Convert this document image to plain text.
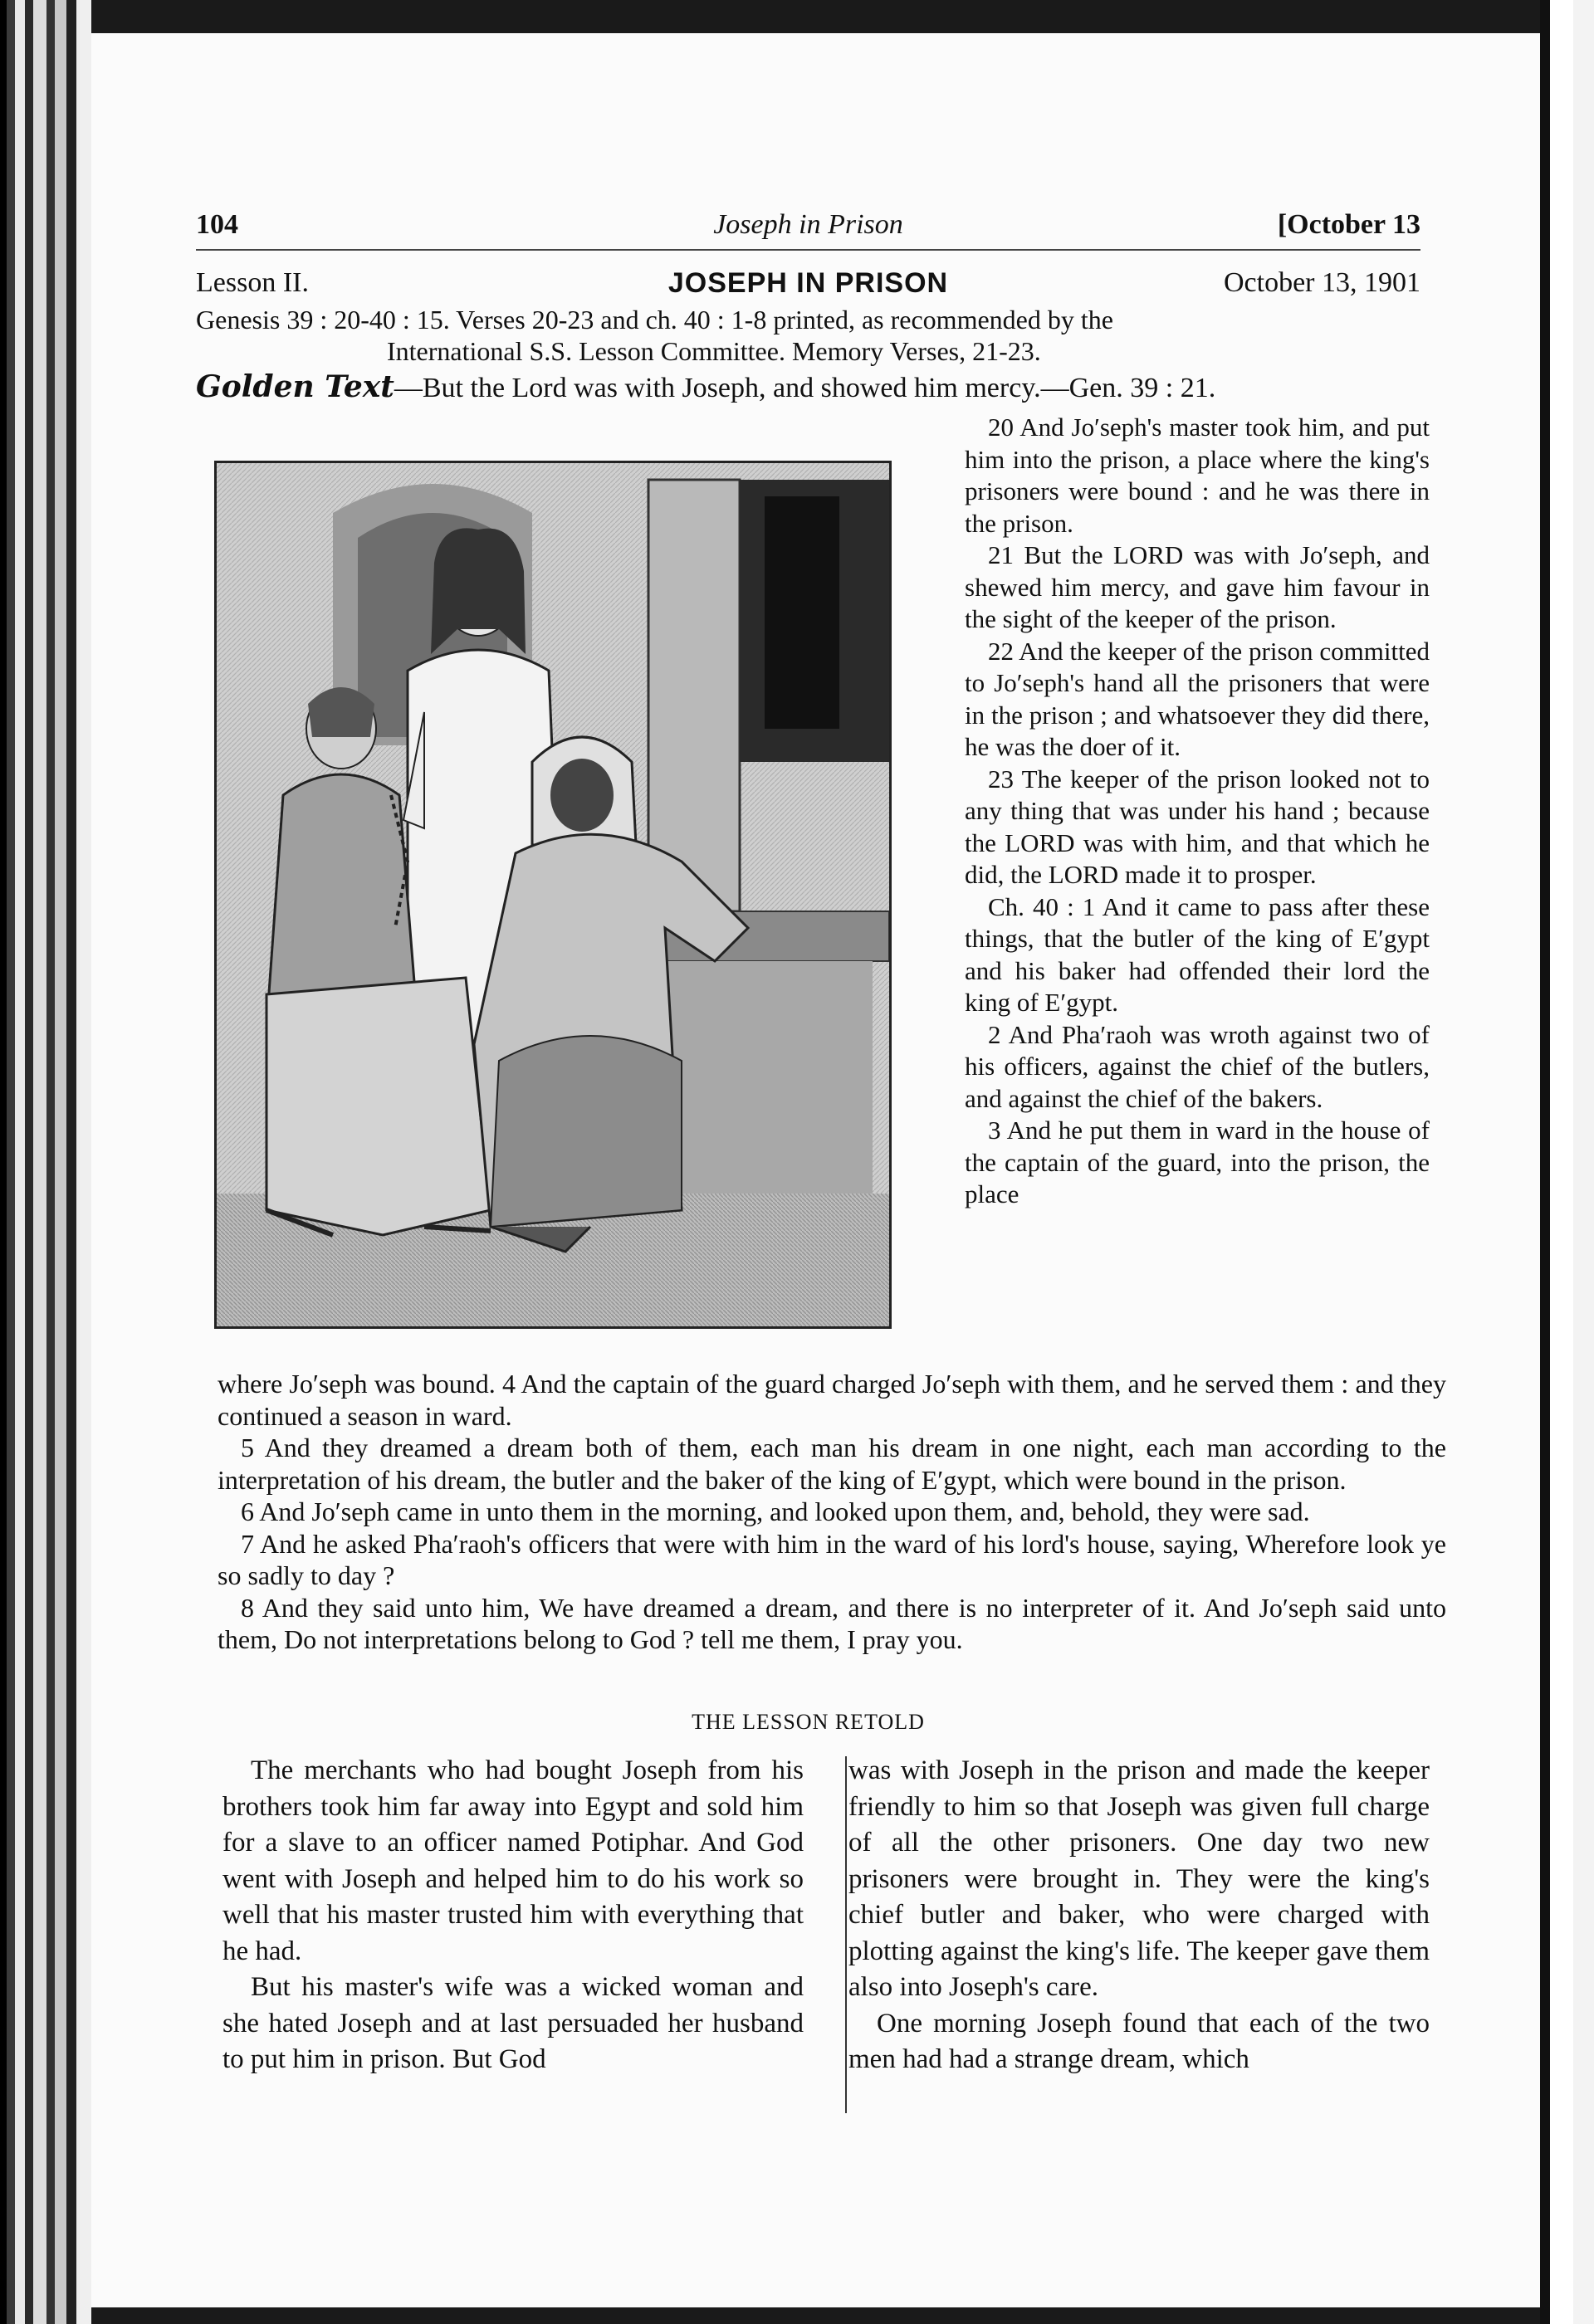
104	Joseph in Prison	[October 13
Lesson II.	JOSEPH IN PRISON	October 13, 1901
Genesis 39 : 20-40 : 15. Verses 20-23 and ch. 40 : 1-8 printed, as recommended by the
International S.S. Lesson Committee. Memory Verses, 21-23.
Golden Text—But the Lord was with Joseph, and showed him mercy.—Gen. 39 : 21.

20 And Jo′seph's master took him, and put him into the prison, a place where the king's prisoners were bound : and he was there in the prison.

21 But the LORD was with Jo′seph, and shewed him mercy, and gave him favour in the sight of the keeper of the prison.

22 And the keeper of the prison committed to Jo′seph's hand all the prisoners that were in the prison ; and whatsoever they did there, he was the doer of it.

23 The keeper of the prison looked not to any thing that was under his hand ; because the LORD was with him, and that which he did, the LORD made it to prosper.

Ch. 40 : 1 And it came to pass after these things, that the butler of the king of E′gypt and his baker had offended their lord the king of E′gypt.

2 And Pha′raoh was wroth against two of his officers, against the chief of the butlers, and against the chief of the bakers.

3 And he put them in ward in the house of the captain of the guard, into the prison, the place

where Jo′seph was bound. 4 And the captain of the guard charged Jo′seph with them, and he served them : and they continued a season in ward.

5 And they dreamed a dream both of them, each man his dream in one night, each man according to the interpretation of his dream, the butler and the baker of the king of E′gypt, which were bound in the prison.

6 And Jo′seph came in unto them in the morning, and looked upon them, and, behold, they were sad.

7 And he asked Pha′raoh's officers that were with him in the ward of his lord's house, saying, Wherefore look ye so sadly to day ?

8 And they said unto him, We have dreamed a dream, and there is no interpreter of it. And Jo′seph said unto them, Do not interpretations belong to God ? tell me them, I pray you.

THE LESSON RETOLD

The merchants who had bought Joseph from his brothers took him far away into Egypt and sold him for a slave to an officer named Potiphar. And God went with Joseph and helped him to do his work so well that his master trusted him with everything that he had.

But his master's wife was a wicked woman and she hated Joseph and at last persuaded her husband to put him in prison. But God

was with Joseph in the prison and made the keeper friendly to him so that Joseph was given full charge of all the other prisoners. One day two new prisoners were brought in. They were the king's chief butler and baker, who were charged with plotting against the king's life. The keeper gave them also into Joseph's care.

One morning Joseph found that each of the two men had had a strange dream, which
